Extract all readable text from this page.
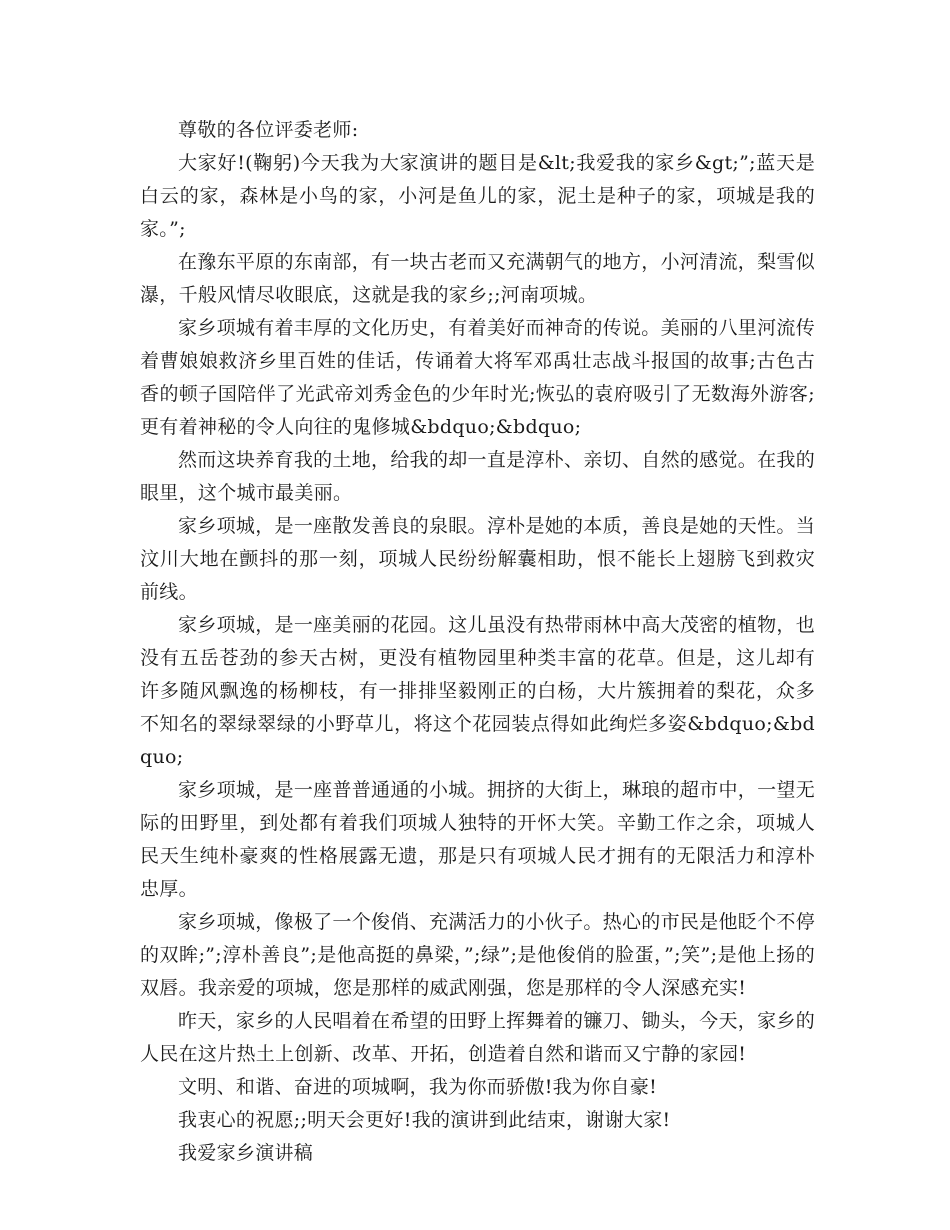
尊敬的各位评委老师:

大家好!(鞠躬)今天我为大家演讲的题目是&lt;我爱我的家乡&gt;”;蓝天是白云的家，森林是小鸟的家，小河是鱼儿的家，泥土是种子的家，项城是我的家。”;

在豫东平原的东南部，有一块古老而又充满朝气的地方，小河清流，梨雪似瀑，千般风情尽收眼底，这就是我的家乡;;河南项城。

家乡项城有着丰厚的文化历史，有着美好而神奇的传说。美丽的八里河流传着曹娘娘救济乡里百姓的佳话，传诵着大将军邓禹壮志战斗报国的故事;古色古香的顿子国陪伴了光武帝刘秀金色的少年时光;恢弘的袁府吸引了无数海外游客;更有着神秘的令人向往的鬼修城&bdquo;&bdquo;

然而这块养育我的土地，给我的却一直是淳朴、亲切、自然的感觉。在我的眼里，这个城市最美丽。

家乡项城，是一座散发善良的泉眼。淳朴是她的本质，善良是她的天性。当汶川大地在颤抖的那一刻，项城人民纷纷解囊相助，恨不能长上翅膀飞到救灾前线。

家乡项城，是一座美丽的花园。这儿虽没有热带雨林中高大茂密的植物，也没有五岳苍劲的参天古树，更没有植物园里种类丰富的花草。但是，这儿却有许多随风飘逸的杨柳枝，有一排排坚毅刚正的白杨，大片簇拥着的梨花，众多不知名的翠绿翠绿的小野草儿，将这个花园装点得如此绚烂多姿&bdquo;&bdquo;

家乡项城，是一座普普通通的小城。拥挤的大街上，琳琅的超市中，一望无际的田野里，到处都有着我们项城人独特的开怀大笑。辛勤工作之余，项城人民天生纯朴豪爽的性格展露无遗，那是只有项城人民才拥有的无限活力和淳朴忠厚。

家乡项城，像极了一个俊俏、充满活力的小伙子。热心的市民是他眨个不停的双眸;”;淳朴善良”;是他高挺的鼻梁，”;绿”;是他俊俏的脸蛋，”;笑”;是他上扬的双唇。我亲爱的项城，您是那样的威武刚强，您是那样的令人深感充实!

昨天，家乡的人民唱着在希望的田野上挥舞着的镰刀、锄头，今天，家乡的人民在这片热土上创新、改革、开拓，创造着自然和谐而又宁静的家园!

文明、和谐、奋进的项城啊，我为你而骄傲!我为你自豪!

我衷心的祝愿;;明天会更好!我的演讲到此结束，谢谢大家!

我爱家乡演讲稿
